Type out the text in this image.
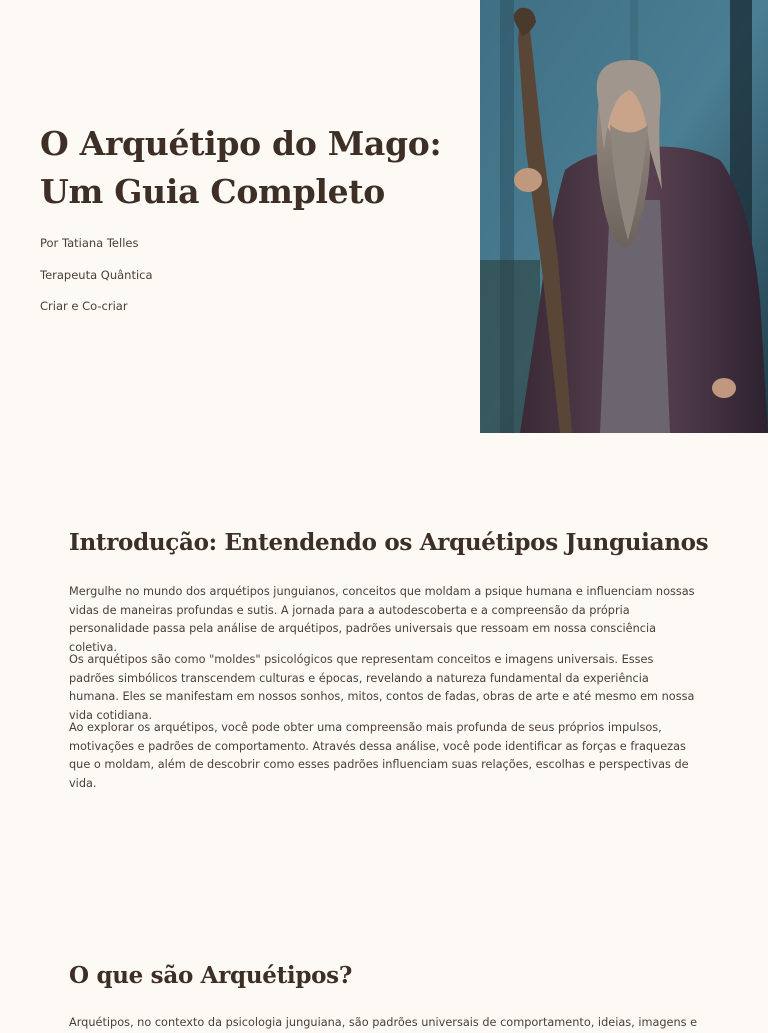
O Arquétipo do Mago:
Um Guia Completo

Por Tatiana Telles

Terapeuta Quântica

Criar e Co-criar

Introdução: Entendendo os Arquétipos Junguianos

Mergulhe no mundo dos arquétipos junguianos, conceitos que moldam a psique humana e influenciam nossas vidas de maneiras profundas e sutis. A jornada para a autodescoberta e a compreensão da própria personalidade passa pela análise de arquétipos, padrões universais que ressoam em nossa consciência coletiva.

Os arquétipos são como "moldes" psicológicos que representam conceitos e imagens universais. Esses padrões simbólicos transcendem culturas e épocas, revelando a natureza fundamental da experiência humana. Eles se manifestam em nossos sonhos, mitos, contos de fadas, obras de arte e até mesmo em nossa vida cotidiana.

Ao explorar os arquétipos, você pode obter uma compreensão mais profunda de seus próprios impulsos, motivações e padrões de comportamento. Através dessa análise, você pode identificar as forças e fraquezas que o moldam, além de descobrir como esses padrões influenciam suas relações, escolhas e perspectivas de vida.

O que são Arquétipos?

Arquétipos, no contexto da psicologia junguiana, são padrões universais de comportamento, ideias, imagens e
